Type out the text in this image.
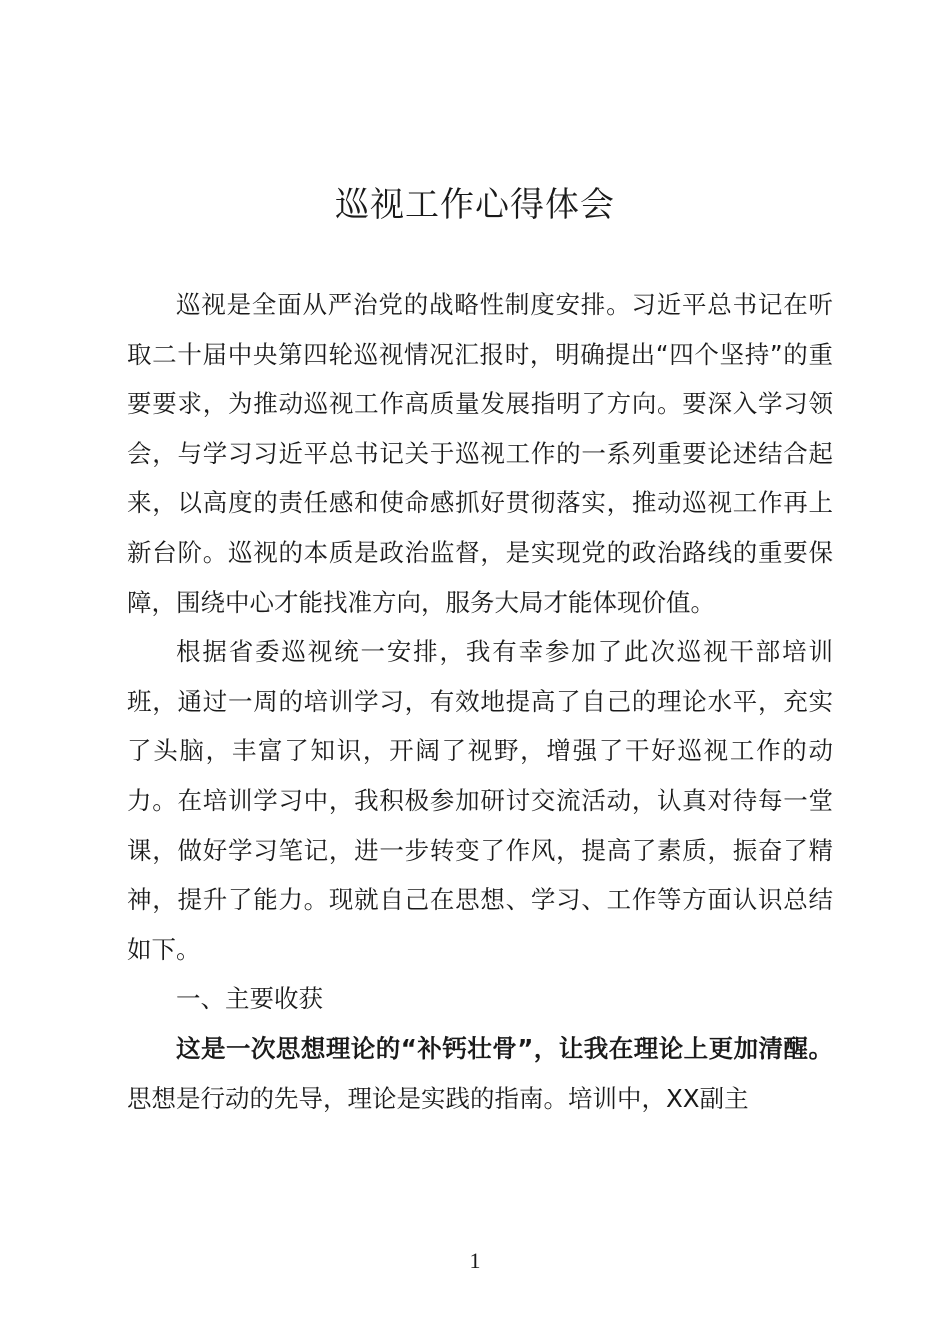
巡视工作心得体会

巡视是全面从严治党的战略性制度安排。习近平总书记在听取二十届中央第四轮巡视情况汇报时，明确提出“四个坚持”的重要要求，为推动巡视工作高质量发展指明了方向。要深入学习领会，与学习习近平总书记关于巡视工作的一系列重要论述结合起来，以高度的责任感和使命感抓好贯彻落实，推动巡视工作再上新台阶。巡视的本质是政治监督，是实现党的政治路线的重要保障，围绕中心才能找准方向，服务大局才能体现价值。

根据省委巡视统一安排，我有幸参加了此次巡视干部培训班，通过一周的培训学习，有效地提高了自己的理论水平，充实了头脑，丰富了知识，开阔了视野，增强了干好巡视工作的动力。在培训学习中，我积极参加研讨交流活动，认真对待每一堂课，做好学习笔记，进一步转变了作风，提高了素质，振奋了精神，提升了能力。现就自己在思想、学习、工作等方面认识总结如下。

一、主要收获

这是一次思想理论的“补钙壮骨”，让我在理论上更加清醒。思想是行动的先导，理论是实践的指南。培训中，XX副主

1
